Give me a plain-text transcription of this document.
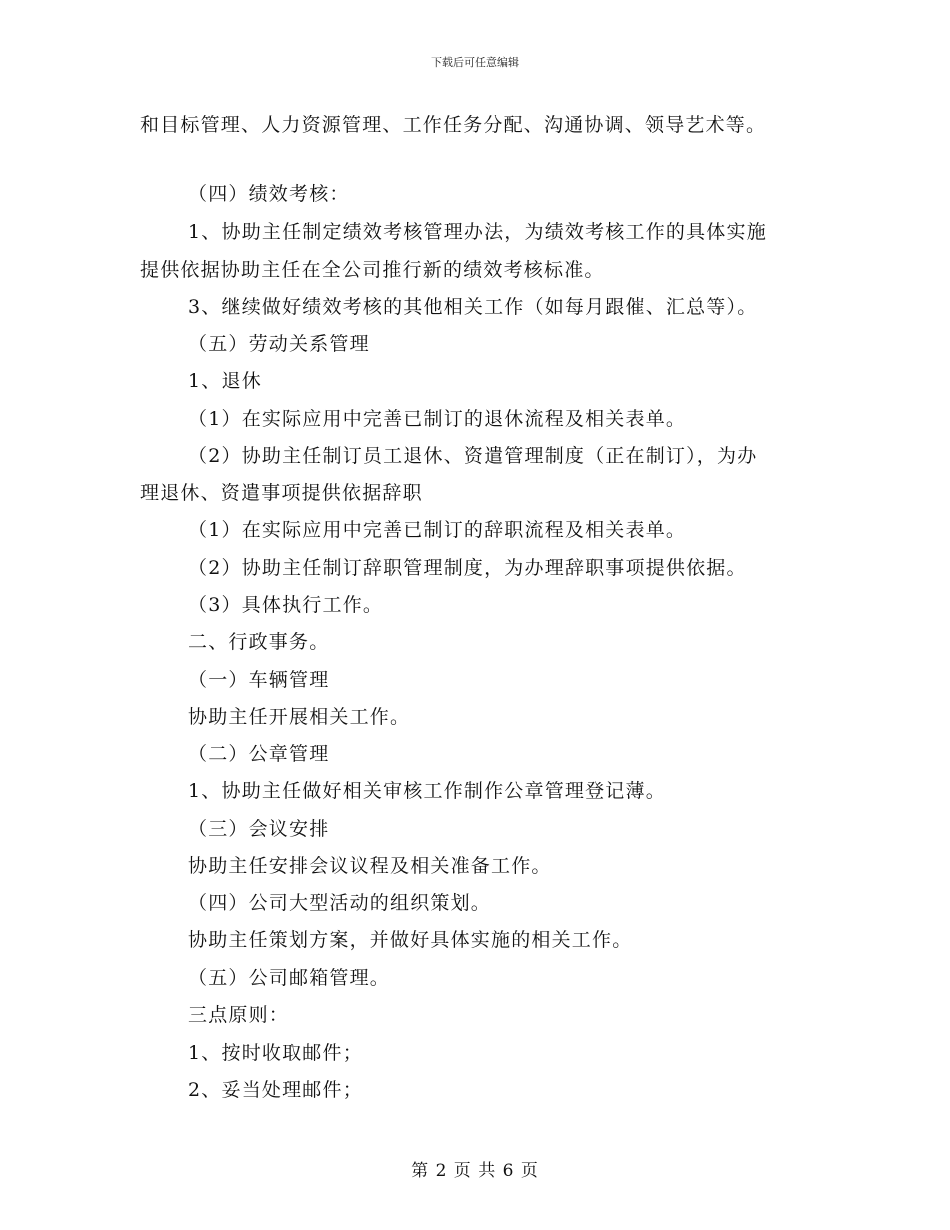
下载后可任意编辑
和目标管理、人力资源管理、工作任务分配、沟通协调、领导艺术等。
（四）绩效考核：
1、协助主任制定绩效考核管理办法，为绩效考核工作的具体实施
提供依据协助主任在全公司推行新的绩效考核标准。
3、继续做好绩效考核的其他相关工作（如每月跟催、汇总等）。
（五）劳动关系管理
1、退休
（1）在实际应用中完善已制订的退休流程及相关表单。
（2）协助主任制订员工退休、资遣管理制度（正在制订），为办
理退休、资遣事项提供依据辞职
（1）在实际应用中完善已制订的辞职流程及相关表单。
（2）协助主任制订辞职管理制度，为办理辞职事项提供依据。
（3）具体执行工作。
二、行政事务。
（一）车辆管理
协助主任开展相关工作。
（二）公章管理
1、协助主任做好相关审核工作制作公章管理登记薄。
（三）会议安排
协助主任安排会议议程及相关准备工作。
（四）公司大型活动的组织策划。
协助主任策划方案，并做好具体实施的相关工作。
（五）公司邮箱管理。
三点原则：
1、按时收取邮件；
2、妥当处理邮件；
第 2 页 共 6 页
